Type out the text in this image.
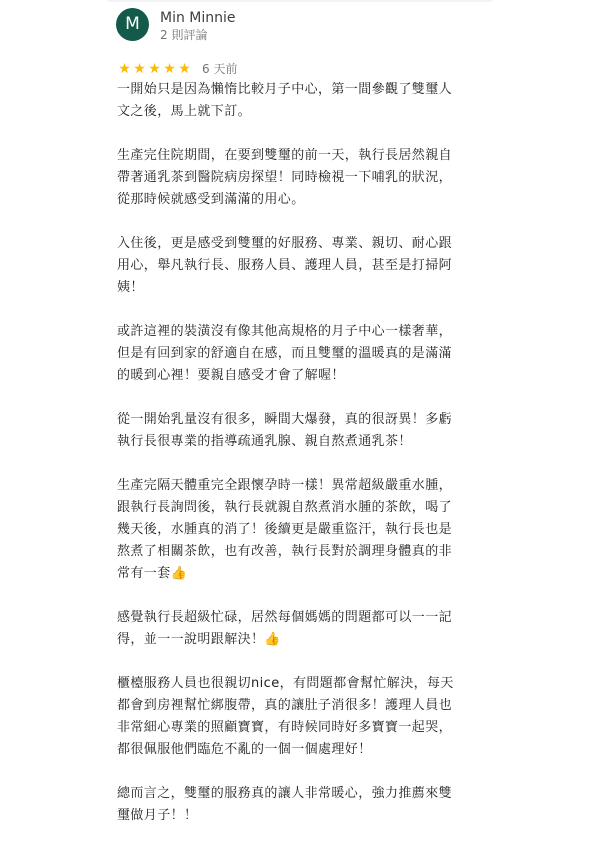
M	Min Minnie
2 則評論
★ ★ ★ ★ ★ 6 天前

一開始只是因為懶惰比較月子中心，第一間參觀了雙璽人
文之後，馬上就下訂。

生產完住院期間，在要到雙璽的前一天，執行長居然親自
帶著通乳茶到醫院病房探望！同時檢視一下哺乳的狀況，
從那時候就感受到滿滿的用心。

入住後，更是感受到雙璽的好服務、專業、親切、耐心跟
用心，舉凡執行長、服務人員、護理人員，甚至是打掃阿
姨！

或許這裡的裝潢沒有像其他高規格的月子中心一樣奢華，
但是有回到家的舒適自在感，而且雙璽的溫暖真的是滿滿
的暖到心裡！要親自感受才會了解喔！

從一開始乳量沒有很多，瞬間大爆發，真的很訝異！多虧
執行長很專業的指導疏通乳腺、親自熬煮通乳茶！

生產完隔天體重完全跟懷孕時一樣！異常超級嚴重水腫，
跟執行長詢問後，執行長就親自熬煮消水腫的茶飲，喝了
幾天後，水腫真的消了！後續更是嚴重盜汗，執行長也是
熬煮了相關茶飲，也有改善，執行長對於調理身體真的非
常有一套👍

感覺執行長超級忙碌，居然每個媽媽的問題都可以一一記
得，並一一說明跟解決！👍

櫃檯服務人員也很親切nice，有問題都會幫忙解決，每天
都會到房裡幫忙綁腹帶，真的讓肚子消很多！護理人員也
非常細心專業的照顧寶寶，有時候同時好多寶寶一起哭，
都很佩服他們臨危不亂的一個一個處理好！

總而言之，雙璽的服務真的讓人非常暖心，強力推薦來雙
璽做月子！！
